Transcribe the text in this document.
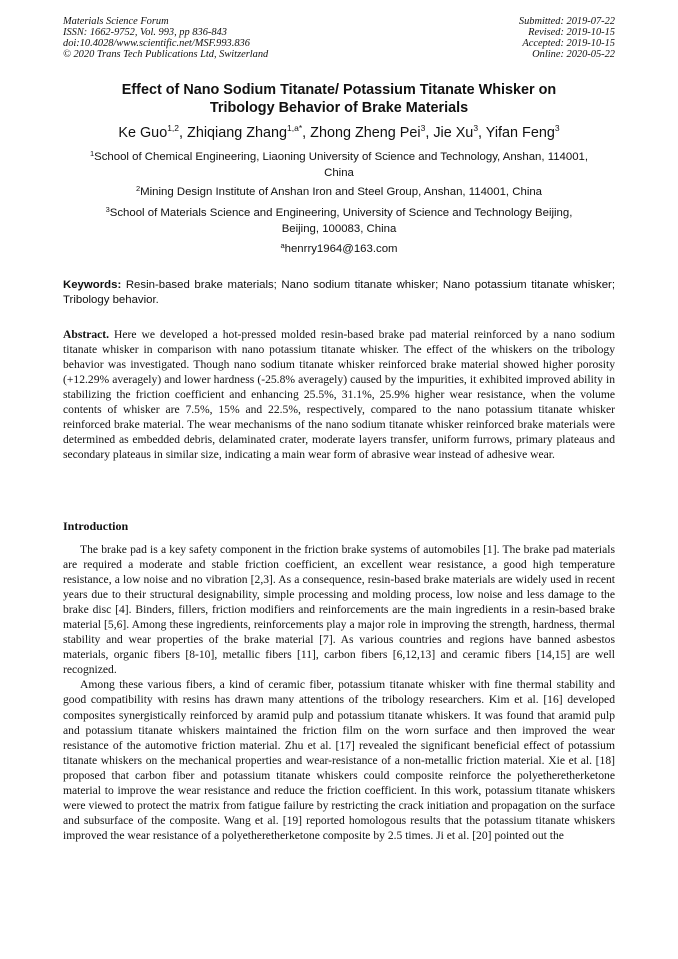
Materials Science Forum
ISSN: 1662-9752, Vol. 993, pp 836-843
doi:10.4028/www.scientific.net/MSF.993.836
© 2020 Trans Tech Publications Ltd, Switzerland
Submitted: 2019-07-22
Revised: 2019-10-15
Accepted: 2019-10-15
Online: 2020-05-22
Effect of Nano Sodium Titanate/ Potassium Titanate Whisker on
Tribology Behavior of Brake Materials
Ke Guo$^{1,2}$, Zhiqiang Zhang$^{1,a*}$, Zhong Zheng Pei$^3$, Jie Xu$^3$, Yifan Feng$^3$
$^1$School of Chemical Engineering, Liaoning University of Science and Technology, Anshan, 114001,
China
$^2$Mining Design Institute of Anshan Iron and Steel Group, Anshan, 114001, China
$^3$School of Materials Science and Engineering, University of Science and Technology Beijing,
Beijing, 100083, China
$^a$henrry1964@163.com
Keywords: Resin-based brake materials; Nano sodium titanate whisker; Nano potassium titanate whisker; Tribology behavior.

Abstract. Here we developed a hot-pressed molded resin-based brake pad material reinforced by a nano sodium titanate whisker in comparison with nano potassium titanate whisker. The effect of the whiskers on the tribology behavior was investigated. Though nano sodium titanate whisker reinforced brake material showed higher porosity (+12.29% averagely) and lower hardness (-25.8% averagely) caused by the impurities, it exhibited improved ability in stabilizing the friction coefficient and enhancing 25.5%, 31.1%, 25.9% higher wear resistance, when the volume contents of whisker are 7.5%, 15% and 22.5%, respectively, compared to the nano potassium titanate whisker reinforced brake material. The wear mechanisms of the nano sodium titanate whisker reinforced brake materials were determined as embedded debris, delaminated crater, moderate layers transfer, uniform furrows, primary plateaus and secondary plateaus in similar size, indicating a main wear form of abrasive wear instead of adhesive wear.

Introduction

The brake pad is a key safety component in the friction brake systems of automobiles [1]. The brake pad materials are required a moderate and stable friction coefficient, an excellent wear resistance, a good high temperature resistance, a low noise and no vibration [2,3]. As a consequence, resin-based brake materials are widely used in recent years due to their structural designability, simple processing and molding process, low noise and less damage to the brake disc [4]. Binders, fillers, friction modifiers and reinforcements are the main ingredients in a resin-based brake material [5,6]. Among these ingredients, reinforcements play a major role in improving the strength, hardness, thermal stability and wear properties of the brake material [7]. As various countries and regions have banned asbestos materials, organic fibers [8-10], metallic fibers [11], carbon fibers [6,12,13] and ceramic fibers [14,15] are well recognized.

Among these various fibers, a kind of ceramic fiber, potassium titanate whisker with fine thermal stability and good compatibility with resins has drawn many attentions of the tribology researchers. Kim et al. [16] developed composites synergistically reinforced by aramid pulp and potassium titanate whiskers. It was found that aramid pulp and potassium titanate whiskers maintained the friction film on the worn surface and then improved the wear resistance of the automotive friction material. Zhu et al. [17] revealed the significant beneficial effect of potassium titanate whiskers on the mechanical properties and wear-resistance of a non-metallic friction material. Xie et al. [18] proposed that carbon fiber and potassium titanate whiskers could composite reinforce the polyetheretherketone material to improve the wear resistance and reduce the friction coefficient. In this work, potassium titanate whiskers were viewed to protect the matrix from fatigue failure by restricting the crack initiation and propagation on the surface and subsurface of the composite. Wang et al. [19] reported homologous results that the potassium titanate whiskers improved the wear resistance of a polyetheretherketone composite by 2.5 times. Ji et al. [20] pointed out the
